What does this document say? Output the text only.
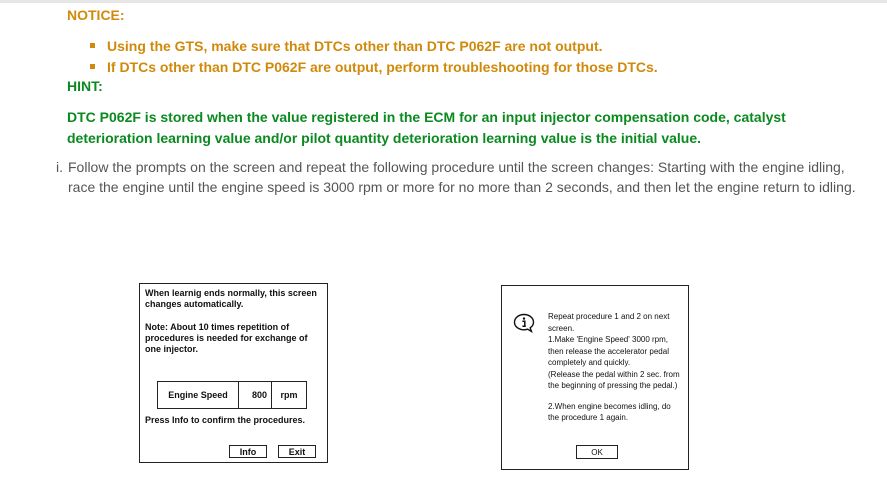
NOTICE:
Using the GTS, make sure that DTCs other than DTC P062F are not output.
If DTCs other than DTC P062F are output, perform troubleshooting for those DTCs.
HINT:
DTC P062F is stored when the value registered in the ECM for an input injector compensation code, catalyst deterioration learning value and/or pilot quantity deterioration learning value is the initial value.
i. Follow the prompts on the screen and repeat the following procedure until the screen changes: Starting with the engine idling, race the engine until the engine speed is 3000 rpm or more for no more than 2 seconds, and then let the engine return to idling.
When learnig ends normally, this screen changes automatically.
Note: About 10 times repetition of procedures is needed for exchange of one injector.
Engine Speed	800	rpm
Press Info to confirm the procedures.
Info	Exit

Repeat procedure 1 and 2 on next screen.

1.Make 'Engine Speed' 3000 rpm, then release the accelerator pedal completely and quickly.

(Release the pedal within 2 sec. from the beginning of pressing the pedal.)

2.When engine becomes idling, do the procedure 1 again.

OK
